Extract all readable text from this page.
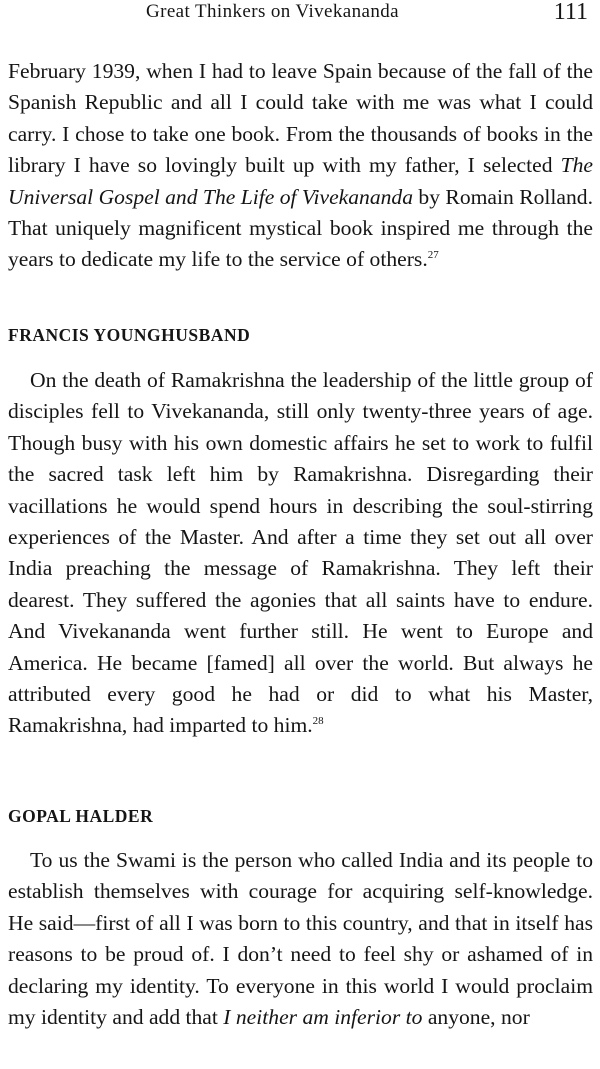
Great Thinkers on Vivekananda	111

February 1939, when I had to leave Spain because of the fall of the Spanish Republic and all I could take with me was what I could carry. I chose to take one book. From the thousands of books in the library I have so lovingly built up with my father, I selected The Universal Gospel and The Life of Vivekananda by Romain Rolland. That uniquely magnificent mystical book inspired me through the years to dedicate my life to the service of others.$^{27}$

FRANCIS YOUNGHUSBAND

On the death of Ramakrishna the leadership of the little group of disciples fell to Vivekananda, still only twenty-three years of age. Though busy with his own domestic affairs he set to work to fulfil the sacred task left him by Ramakrishna. Disregarding their vacillations he would spend hours in describing the soul-stirring experiences of the Master. And after a time they set out all over India preaching the message of Ramakrishna. They left their dearest. They suffered the agonies that all saints have to endure. And Vivekananda went further still. He went to Europe and America. He became [famed] all over the world. But always he attributed every good he had or did to what his Master, Ramakrishna, had imparted to him.$^{28}$

GOPAL HALDER

To us the Swami is the person who called India and its people to establish themselves with courage for acquiring self-knowledge. He said—first of all I was born to this country, and that in itself has reasons to be proud of. I don’t need to feel shy or ashamed of in declaring my identity. To everyone in this world I would proclaim my identity and add that I neither am inferior to anyone, nor
